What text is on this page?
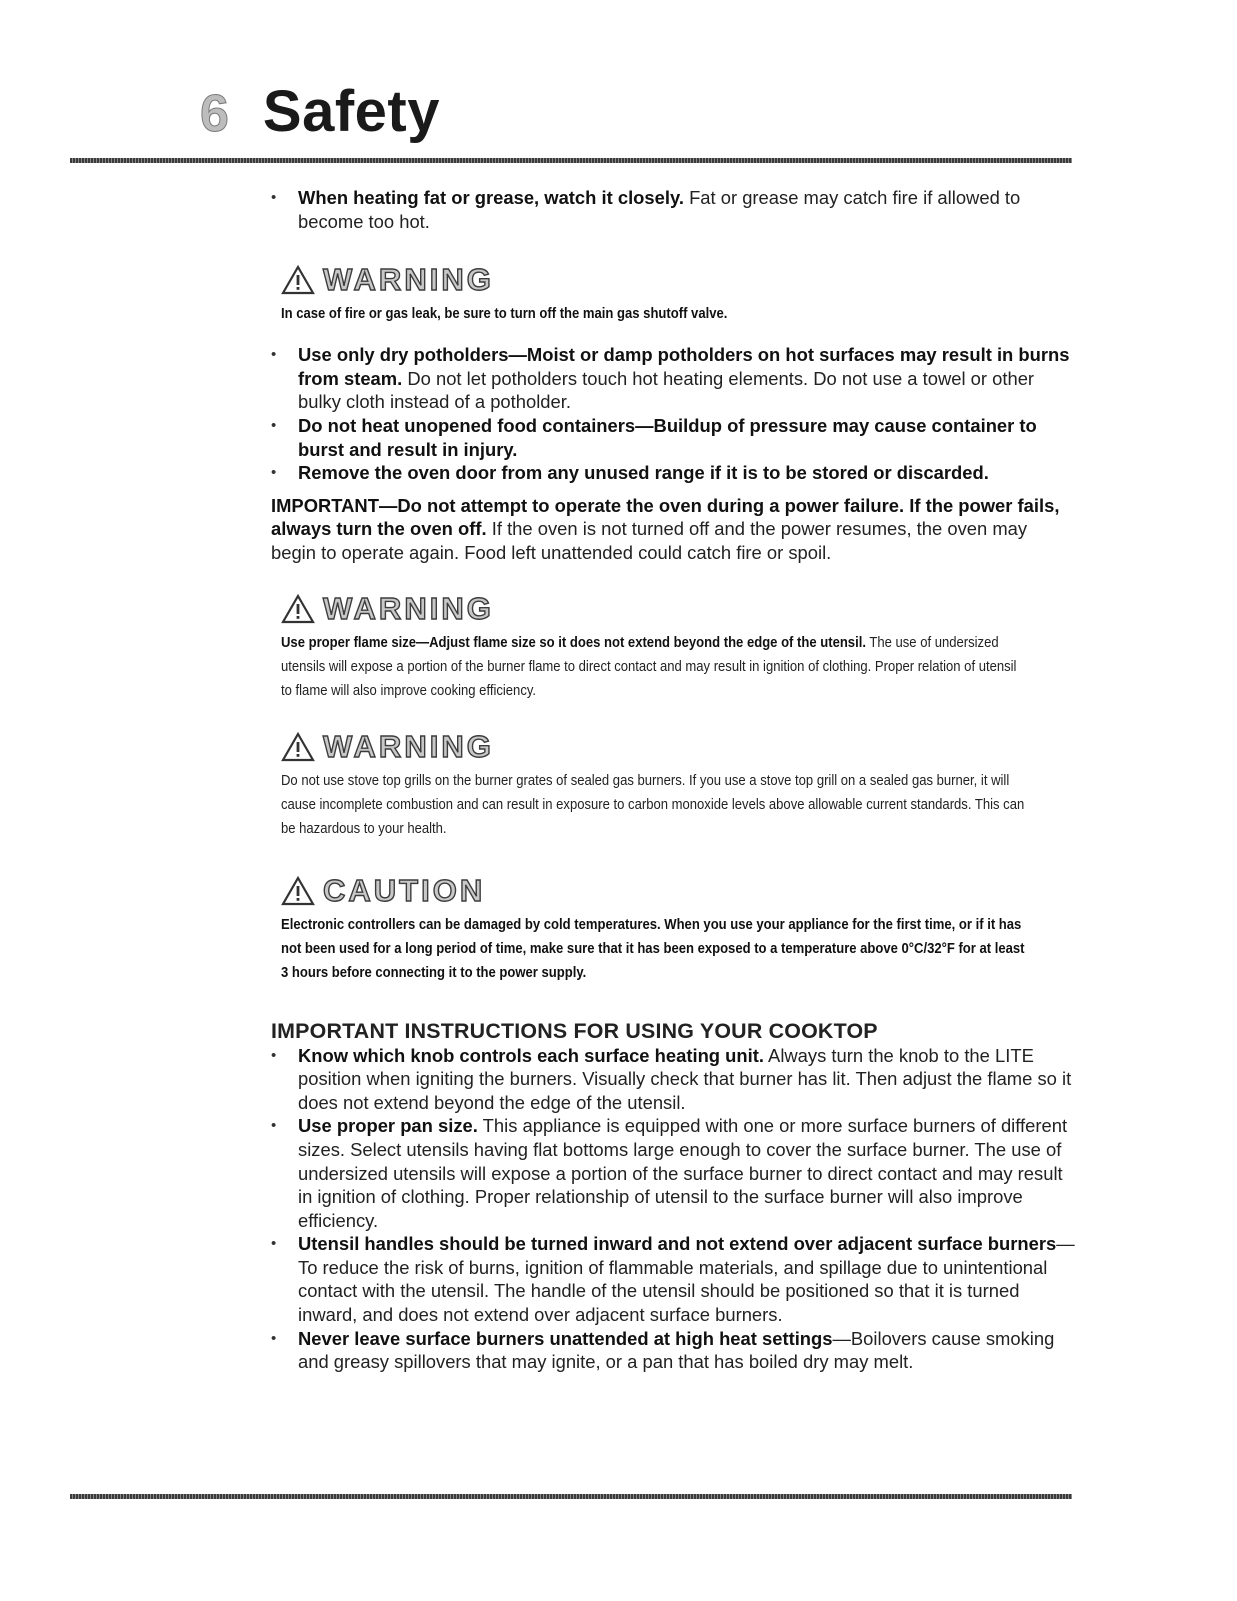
6 Safety
• When heating fat or grease, watch it closely. Fat or grease may catch fire if allowed to become too hot.
WARNING
In case of fire or gas leak, be sure to turn off the main gas shutoff valve.
• Use only dry potholders—Moist or damp potholders on hot surfaces may result in burns from steam. Do not let potholders touch hot heating elements. Do not use a towel or other bulky cloth instead of a potholder.
• Do not heat unopened food containers—Buildup of pressure may cause container to burst and result in injury.
• Remove the oven door from any unused range if it is to be stored or discarded.

IMPORTANT—Do not attempt to operate the oven during a power failure. If the power fails, always turn the oven off. If the oven is not turned off and the power resumes, the oven may begin to operate again. Food left unattended could catch fire or spoil.

WARNING
Use proper flame size—Adjust flame size so it does not extend beyond the edge of the utensil. The use of undersized utensils will expose a portion of the burner flame to direct contact and may result in ignition of clothing. Proper relation of utensil to flame will also improve cooking efficiency.
WARNING
Do not use stove top grills on the burner grates of sealed gas burners. If you use a stove top grill on a sealed gas burner, it will cause incomplete combustion and can result in exposure to carbon monoxide levels above allowable current standards. This can be hazardous to your health.
CAUTION
Electronic controllers can be damaged by cold temperatures. When you use your appliance for the first time, or if it has not been used for a long period of time, make sure that it has been exposed to a temperature above 0°C/32°F for at least 3 hours before connecting it to the power supply.
IMPORTANT INSTRUCTIONS FOR USING YOUR COOKTOP
• Know which knob controls each surface heating unit. Always turn the knob to the LITE position when igniting the burners. Visually check that burner has lit. Then adjust the flame so it does not extend beyond the edge of the utensil.
• Use proper pan size. This appliance is equipped with one or more surface burners of different sizes. Select utensils having flat bottoms large enough to cover the surface burner. The use of undersized utensils will expose a portion of the surface burner to direct contact and may result in ignition of clothing. Proper relationship of utensil to the surface burner will also improve efficiency.
• Utensil handles should be turned inward and not extend over adjacent surface burners—To reduce the risk of burns, ignition of flammable materials, and spillage due to unintentional contact with the utensil. The handle of the utensil should be positioned so that it is turned inward, and does not extend over adjacent surface burners.
• Never leave surface burners unattended at high heat settings—Boilovers cause smoking and greasy spillovers that may ignite, or a pan that has boiled dry may melt.
